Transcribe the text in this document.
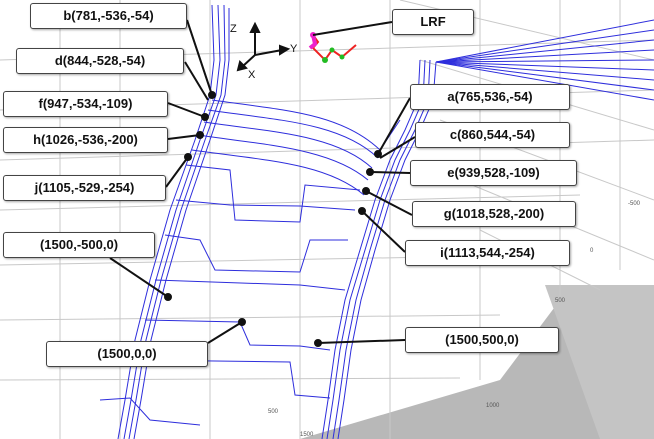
Z
Y
X
-500
0
500
500
1000
1500
LRF
b(781,-536,-54)
d(844,-528,-54)
f(947,-534,-109)
h(1026,-536,-200)
j(1105,-529,-254)
(1500,-500,0)
(1500,0,0)
a(765,536,-54)
c(860,544,-54)
e(939,528,-109)
g(1018,528,-200)
i(1113,544,-254)
(1500,500,0)
